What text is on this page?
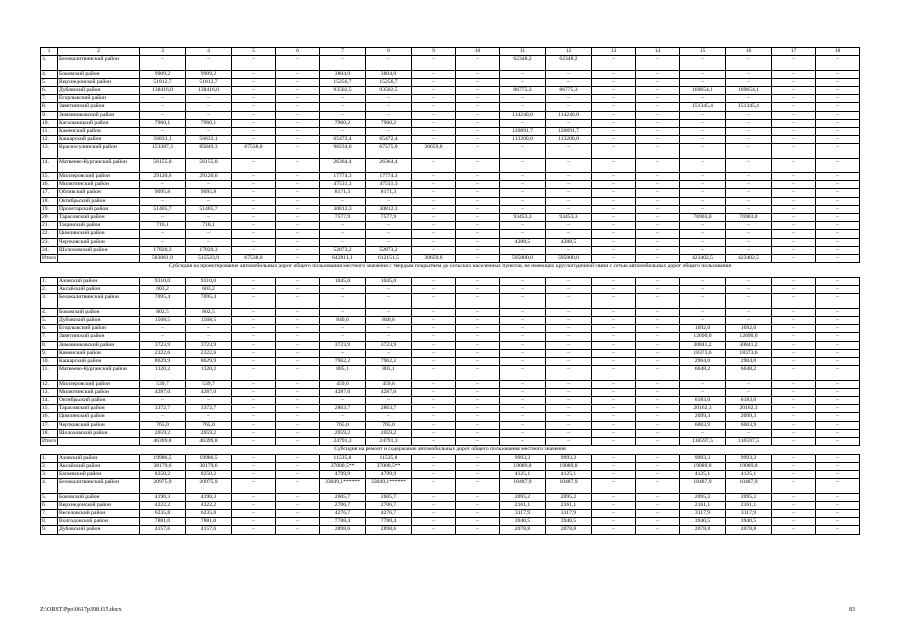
1	2	3	4	5	6	7	8	9	10	11	12	13	14	15	16	17	18
3.	Белокалитвинский район	–	–	–	–	–	–	–	–	62348,2	62348,2	–	–	–	–	–	–
4.	Боковский район	9909,2	9909,2	–	–	3804,0	3804,0	–	–	–	–	–	–	–	–	–	–
5.	Верхнедонской район	51812,7	51812,7	–	–	15256,7	15256,7	–	–	–	–	–	–	–	–	–	–
6.	Дубовский район	138416,0	138416,0	–	–	93502,5	93502,5	–	–	86775,3	86775,3	–	–	169654,1	169654,1	–	–
7.	Егорлыкский район	–	–	–	–	–	–	–	–	–	–	–	–	–	–	–	–
8.	Заветинский район	–	–	–	–	–	–	–	–	–	–	–	–	151345,4	151345,4	–	–
9.	Зимовниковский район	–	–	–	–	–	–	–	–	114240,0	114240,0	–	–	–	–	–	–
10.	Кагальницкий район	7960,1	7960,1	–	–	7960,2	7960,2	–	–	–	–	–	–	–	–	–	–
11.	Каменский район	–	–	–	–	–	–	–	–	120691,7	120691,7	–	–	–	–	–	–
12.	Кашарский район	56833,1	56833,1	–	–	65472,4	65472,4	–	–	113200,0	113200,0	–	–	–	–	–	–
13.	Красносулинский район	153387,3	85849,3	67538,0	–	98234,6	67575,0	30659,6	–	–	–	–	–	–	–	–	–
14.	Матвеево-Курганский район	56155,0	56155,0	–	–	26364,4	26364,4	–	–	–	–	–	–	–	–	–	–
15.	Миллеровский район	29120,6	29120,6	–	–	17774,3	17774,3	–	–	–	–	–	–	–	–	–	–
16.	Милютинский район	–	–	–	–	47531,3	47531,3	–	–	–	–	–	–	–	–	–	–
17.	Обливский район	9095,8	9095,8	–	–	8171,3	8171,3	–	–	–	–	–	–	–	–	–	–
18.	Октябрьский район	–	–	–	–	–	–	–	–	–	–	–	–	–	–	–	–
19.	Пролетарский район	51405,7	51405,7	–	–	30812,3	30812,3	–	–	–	–	–	–	–	–	–	–
20.	Тарасовский район	–	–	–	–	7577,9	7577,9	–	–	93453,3	93453,3	–	–	76903,0	76903,0	–	–
21.	Тацинский район	716,1	716,1	–	–	–	–	–	–	–	–	–	–	–	–	–	–
22.	Цимлянский район	–	–	–	–	–	–	–	–	–	–	–	–	–	–	–	–
23.	Чертковский район	–	–	–	–	–	–	–	–	4288,5	4288,5	–	–	–	–	–	–
24.	Шолоховский район	17820,3	17820,3	–	–	52873,2	52873,2	–	–	–	–	–	–	–	–	–	–
Итого		583061,9	515523,9	67538,0	–	642811,1	612151,5	30659,6	–	595000,0	595000,0	–	–	423402,5	423402,5	–	–
Субсидия на проектирование автомобильных дорог общего пользования местного значения с твердым покрытием до сельских населенных пунктов, не имеющих круглогодичной связи с сетью автомобильных дорог общего пользования																	
1.	Азовский район	9310,0	9310,0	–	–	1045,0	1045,0	–	–	–	–	–	–	–	–	–	–
2.	Аксайский район	603,2	603,2	–	–	–	–	–	–	–	–	–	–	–	–	–	–
3.	Белокалитвинский район	7095,4	7095,4	–	–	–	–	–	–	–	–	–	–	–	–	–	–
4.	Боковский район	802,5	802,5	–	–	–	–	–	–	–	–	–	–	–	–	–	–
5.	Дубовский район	1568,5	1568,5	–	–	840,6	840,6	–	–	–	–	–	–	–	–	–	–
6.	Егорлыкский район	–	–	–	–	–	–	–	–	–	–	–	–	1692,0	1692,0	–	–
7.	Заветинский район	–	–	–	–	–	–	–	–	–	–	–	–	12690,0	12690,0	–	–
8.	Зимовниковский район	3723,9	3723,9	–	–	3723,9	3723,9	–	–	–	–	–	–	30841,2	30841,2	–	–
9.	Каменский район	2322,6	2322,6	–	–	–	–	–	–	–	–	–	–	18373,6	18373,6	–	–
10.	Кашарский район	8629,9	8629,9	–	–	7962,2	7962,2	–	–	–	–	–	–	2904,0	2904,0	–	–
11.	Матвеево-Курганский район	1320,2	1320,2	–	–	805,1	805,1	–	–	–	–	–	–	6648,2	6648,2	–	–
12.	Миллеровский район	539,7	539,7	–	–	459,6	459,6	–	–	–	–	–	–	–	–	–	–
13.	Милютинский район	4287,0	4287,0	–	–	4287,0	4287,0	–	–	–	–	–	–	–	–	–	–
14.	Октябрьский район	–	–	–	–	–	–	–	–	–	–	–	–	6183,0	6183,0	–	–
15.	Тарасовский район	3372,7	3372,7	–	–	2863,7	2863,7	–	–	–	–	–	–	20162,3	20162,3	–	–
16.	Цимлянский район	–	–	–	–	–	–	–	–	–	–	–	–	2099,3	2099,3	–	–
17.	Чертковский район	765,0	765,0	–	–	765,0	765,0	–	–	–	–	–	–	6003,9	6003,9	–	–
18.	Шолоховский район	2059,2	2059,2	–	–	2059,2	2059,2	–	–	–	–	–	–	–	–	–	–
Итого		46399,8	46399,8	–	–	24791,3	24791,3	–	–	–	–	–	–	116597,5	116597,5	–	–
Субсидия на ремонт и содержание автомобильных дорог общего пользования местного значения																	
1.	Азовский район	19986,5	19986,5	–	–	11535,8	11535,8	–	–	9993,3	9993,3	–	–	9993,3	9993,3	–	–
2.	Аксайский район	38179,6	38179,6	–	–	37000,5**	37000,5**	–	–	19089,8	19089,8	–	–	19089,8	19089,8	–	–
3.	Багаевский район	8250,2	8250,2	–	–	4799,9	4799,9	–	–	4125,1	4125,1	–	–	4125,1	4125,1	–	–
4.	Белокалитвинский район	20975,9	20975,9	–	–	33049,1******	33049,1******	–	–	10487,9	10487,9	–	–	10487,9	10487,9	–	–
5.	Боковский район	4190,3	4190,3	–	–	2605,7	2605,7	–	–	2095,2	2095,2	–	–	2095,2	2095,2	–	–
6.	Верхнедонской район	4322,2	4322,2	–	–	2706,7	2706,7	–	–	2161,1	2161,1	–	–	2161,1	2161,1	–	–
7.	Веселовский район	6235,8	6235,8	–	–	4276,7	4276,7	–	–	3117,9	3117,9	–	–	3117,9	3117,9	–	–
8.	Волгодонской район	7881,0	7881,0	–	–	7788,4	7788,4	–	–	3940,5	3940,5	–	–	3940,5	3940,5	–	–
9.	Дубовский район	4157,6	4157,6	–	–	2898,6	2898,6	–	–	2078,8	2078,8	–	–	2078,8	2078,8	–	–
Z:\ORST\Ppo\0617p398.f15.docx	83
